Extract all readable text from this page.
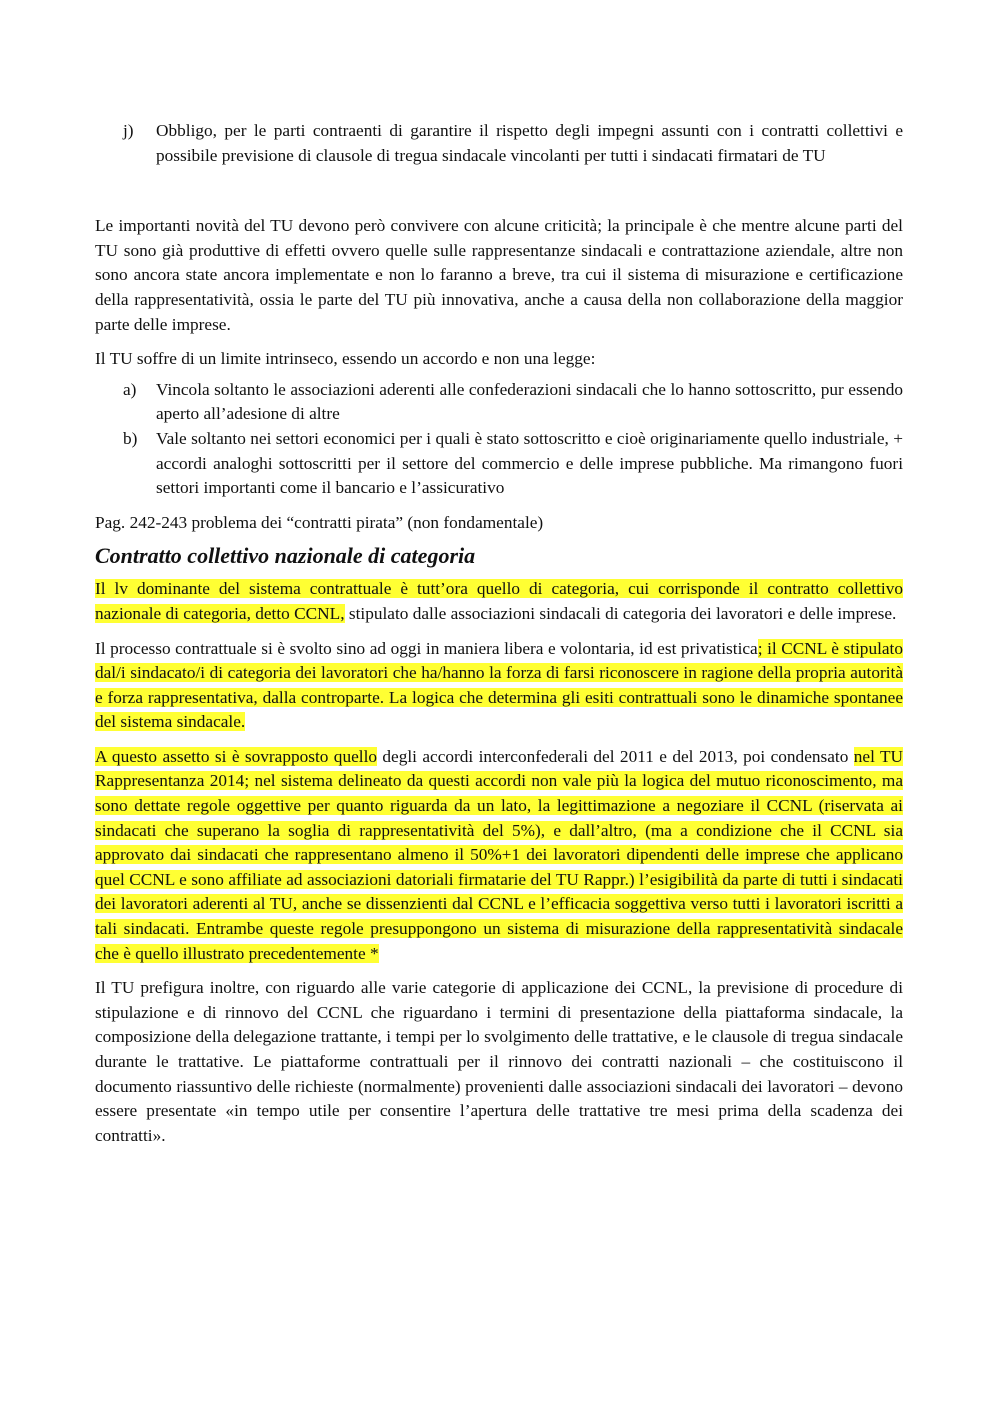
j) Obbligo, per le parti contraenti di garantire il rispetto degli impegni assunti con i contratti collettivi e possibile previsione di clausole di tregua sindacale vincolanti per tutti i sindacati firmatari de TU

Le importanti novità del TU devono però convivere con alcune criticità; la principale è che mentre alcune parti del TU sono già produttive di effetti ovvero quelle sulle rappresentanze sindacali e contrattazione aziendale, altre non sono ancora state ancora implementate e non lo faranno a breve, tra cui il sistema di misurazione e certificazione della rappresentatività, ossia le parte del TU più innovativa, anche a causa della non collaborazione della maggior parte delle imprese.

Il TU soffre di un limite intrinseco, essendo un accordo e non una legge:

a) Vincola soltanto le associazioni aderenti alle confederazioni sindacali che lo hanno sottoscritto, pur essendo aperto all’adesione di altre
b) Vale soltanto nei settori economici per i quali è stato sottoscritto e cioè originariamente quello industriale, + accordi analoghi sottoscritti per il settore del commercio e delle imprese pubbliche. Ma rimangono fuori settori importanti come il bancario e l’assicurativo

Pag. 242-243 problema dei “contratti pirata” (non fondamentale)

Contratto collettivo nazionale di categoria

Il lv dominante del sistema contrattuale è tutt’ora quello di categoria, cui corrisponde il contratto collettivo nazionale di categoria, detto CCNL, stipulato dalle associazioni sindacali di categoria dei lavoratori e delle imprese.

Il processo contrattuale si è svolto sino ad oggi in maniera libera e volontaria, id est privatistica; il CCNL è stipulato dal/i sindacato/i di categoria dei lavoratori che ha/hanno la forza di farsi riconoscere in ragione della propria autorità e forza rappresentativa, dalla controparte. La logica che determina gli esiti contrattuali sono le dinamiche spontanee del sistema sindacale.

A questo assetto si è sovrapposto quello degli accordi interconfederali del 2011 e del 2013, poi condensato nel TU Rappresentanza 2014; nel sistema delineato da questi accordi non vale più la logica del mutuo riconoscimento, ma sono dettate regole oggettive per quanto riguarda da un lato, la legittimazione a negoziare il CCNL (riservata ai sindacati che superano la soglia di rappresentatività del 5%), e dall’altro, (ma a condizione che il CCNL sia approvato dai sindacati che rappresentano almeno il 50%+1 dei lavoratori dipendenti delle imprese che applicano quel CCNL e sono affiliate ad associazioni datoriali firmatarie del TU Rappr.) l’esigibilità da parte di tutti i sindacati dei lavoratori aderenti al TU, anche se dissenzienti dal CCNL e l’efficacia soggettiva verso tutti i lavoratori iscritti a tali sindacati. Entrambe queste regole presuppongono un sistema di misurazione della rappresentatività sindacale che è quello illustrato precedentemente *

Il TU prefigura inoltre, con riguardo alle varie categorie di applicazione dei CCNL, la previsione di procedure di stipulazione e di rinnovo del CCNL che riguardano i termini di presentazione della piattaforma sindacale, la composizione della delegazione trattante, i tempi per lo svolgimento delle trattative, e le clausole di tregua sindacale durante le trattative. Le piattaforme contrattuali per il rinnovo dei contratti nazionali – che costituiscono il documento riassuntivo delle richieste (normalmente) provenienti dalle associazioni sindacali dei lavoratori – devono essere presentate «in tempo utile per consentire l’apertura delle trattative tre mesi prima della scadenza dei contratti».
